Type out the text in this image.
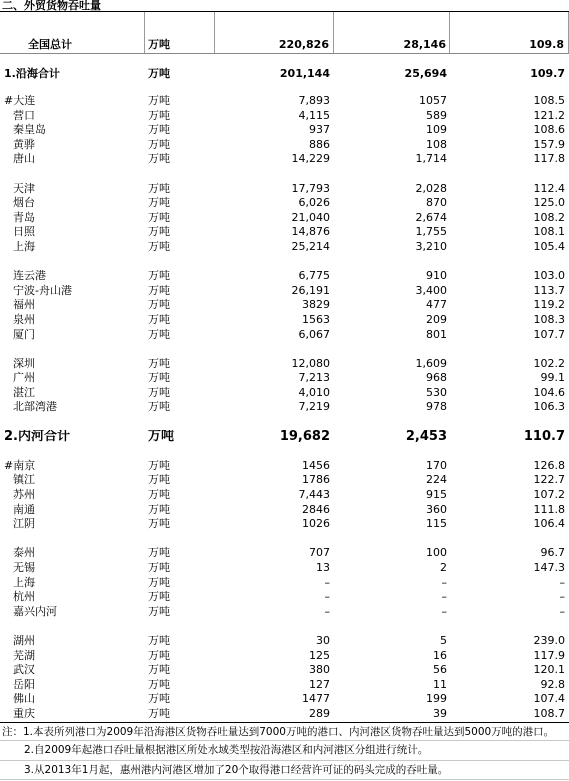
二、外贸货物吞吐量
全国总计	万吨	220,826	28,146	109.8
1.沿海合计	万吨	201,144	25,694	109.7
#大连	万吨	7,893	1057	108.5
营口	万吨	4,115	589	121.2
秦皇岛	万吨	937	109	108.6
黄骅	万吨	886	108	157.9
唐山	万吨	14,229	1,714	117.8
天津	万吨	17,793	2,028	112.4
烟台	万吨	6,026	870	125.0
青岛	万吨	21,040	2,674	108.2
日照	万吨	14,876	1,755	108.1
上海	万吨	25,214	3,210	105.4
连云港	万吨	6,775	910	103.0
宁波-舟山港	万吨	26,191	3,400	113.7
福州	万吨	3829	477	119.2
泉州	万吨	1563	209	108.3
厦门	万吨	6,067	801	107.7
深圳	万吨	12,080	1,609	102.2
广州	万吨	7,213	968	99.1
湛江	万吨	4,010	530	104.6
北部湾港	万吨	7,219	978	106.3
2.内河合计	万吨	19,682	2,453	110.7
#南京	万吨	1456	170	126.8
镇江	万吨	1786	224	122.7
苏州	万吨	7,443	915	107.2
南通	万吨	2846	360	111.8
江阴	万吨	1026	115	106.4
泰州	万吨	707	100	96.7
无锡	万吨	13	2	147.3
上海	万吨	–	–	–
杭州	万吨	–	–	–
嘉兴内河	万吨	–	–	–
湖州	万吨	30	5	239.0
芜湖	万吨	125	16	117.9
武汉	万吨	380	56	120.1
岳阳	万吨	127	11	92.8
佛山	万吨	1477	199	107.4
重庆	万吨	289	39	108.7
注：1.本表所列港口为2009年沿海港区货物吞吐量达到7000万吨的港口、内河港区货物吞吐量达到5000万吨的港口。
2.自2009年起港口吞吐量根据港区所处水域类型按沿海港区和内河港区分组进行统计。
3.从2013年1月起，惠州港内河港区增加了20个取得港口经营许可证的码头完成的吞吐量。
